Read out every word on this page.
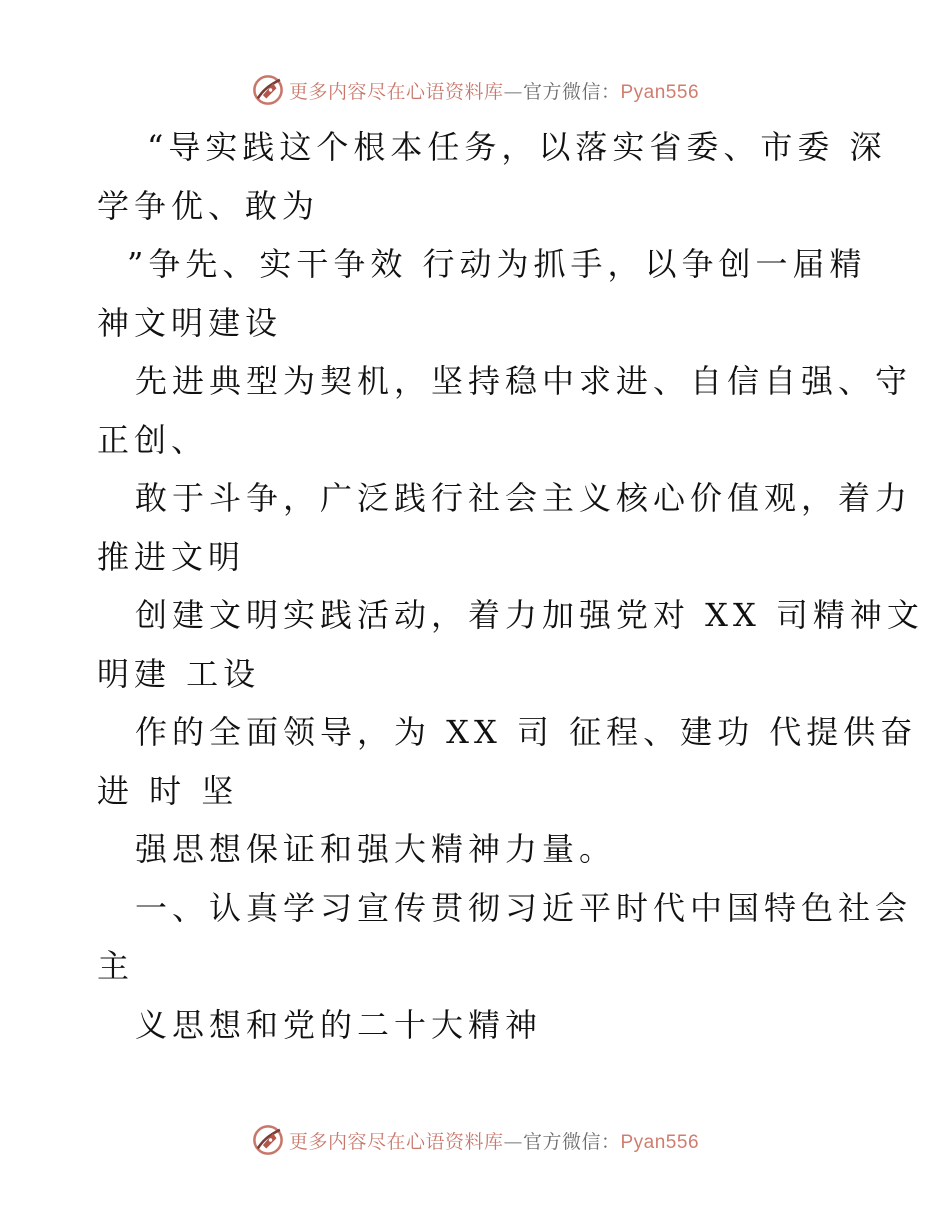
更多内容尽在心语资料库—官方微信：Pyan556
“导实践这个根本任务，以落实省委、市委 深
学争优、敢为
”争先、实干争效 行动为抓手，以争创一届精
神文明建设
先进典型为契机，坚持稳中求进、自信自强、守
正创、
敢于斗争，广泛践行社会主义核心价值观，着力
推进文明
创建文明实践活动，着力加强党对 XX 司精神文
明建 工设
作的全面领导，为 XX 司 征程、建功 代提供奋
进 时 坚
强思想保证和强大精神力量。
一、认真学习宣传贯彻习近平时代中国特色社会
主
义思想和党的二十大精神
更多内容尽在心语资料库—官方微信：Pyan556
